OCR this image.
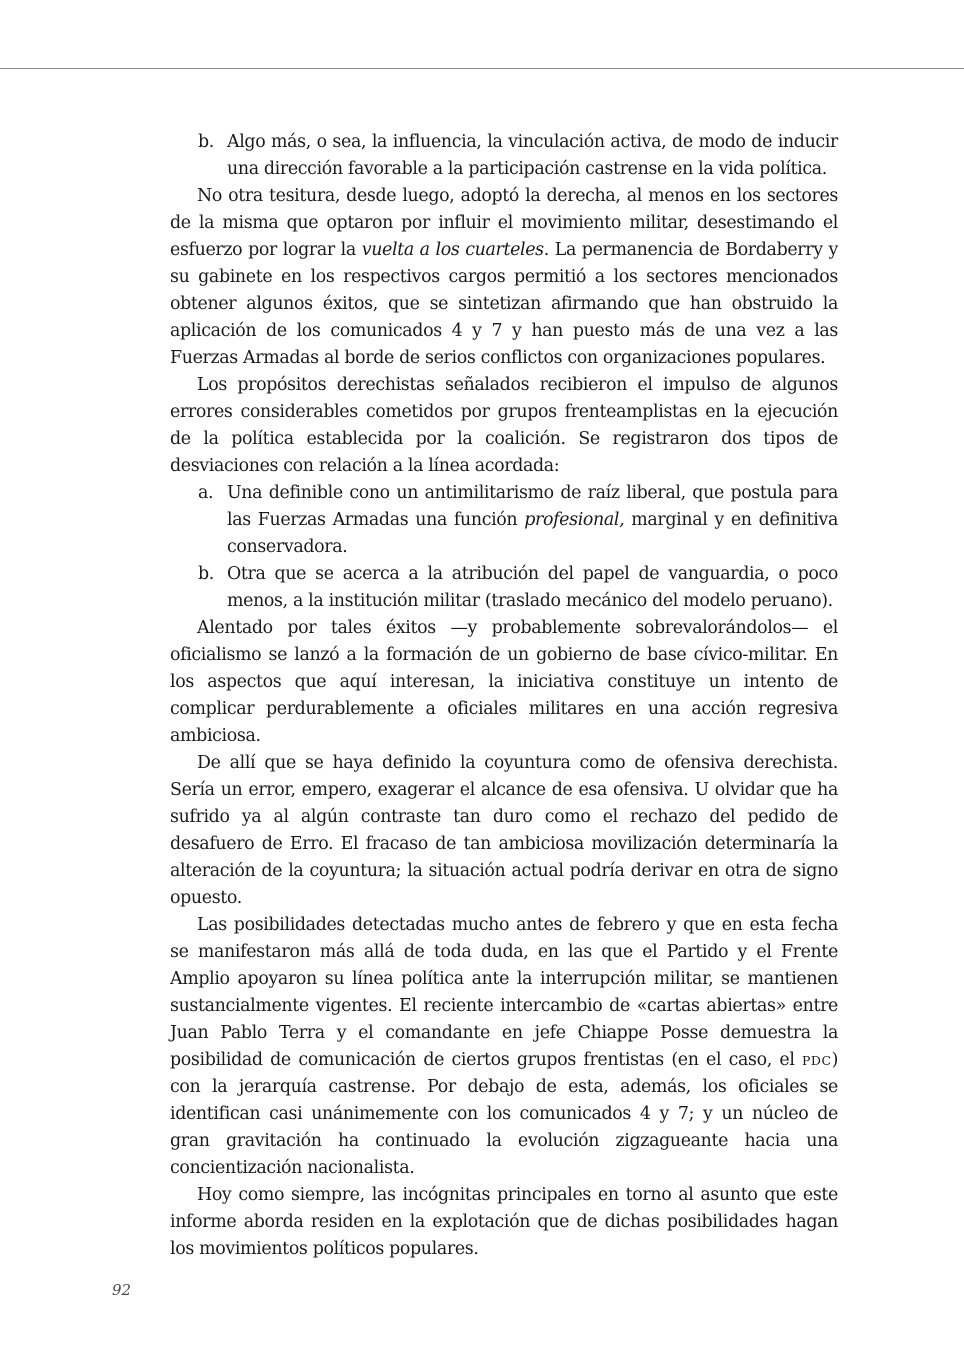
b. Algo más, o sea, la influencia, la vinculación activa, de modo de inducir una dirección favorable a la participación castrense en la vida política.

No otra tesitura, desde luego, adoptó la derecha, al menos en los sectores de la misma que optaron por influir el movimiento militar, desestimando el esfuerzo por lograr la vuelta a los cuarteles. La permanencia de Bordaberry y su gabinete en los respectivos cargos permitió a los sectores mencionados obtener algunos éxitos, que se sintetizan afirmando que han obstruido la aplicación de los comunicados 4 y 7 y han puesto más de una vez a las Fuerzas Armadas al borde de serios conflictos con organizaciones populares.

Los propósitos derechistas señalados recibieron el impulso de algunos errores considerables cometidos por grupos frenteamplistas en la ejecución de la política establecida por la coalición. Se registraron dos tipos de desviaciones con relación a la línea acordada:

a. Una definible cono un antimilitarismo de raíz liberal, que postula para las Fuerzas Armadas una función profesional, marginal y en definitiva conservadora.
b. Otra que se acerca a la atribución del papel de vanguardia, o poco menos, a la institución militar (traslado mecánico del modelo peruano).

Alentado por tales éxitos —y probablemente sobrevalorándolos— el oficialismo se lanzó a la formación de un gobierno de base cívico-militar. En los aspectos que aquí interesan, la iniciativa constituye un intento de complicar perdurablemente a oficiales militares en una acción regresiva ambiciosa.

De allí que se haya definido la coyuntura como de ofensiva derechista. Sería un error, empero, exagerar el alcance de esa ofensiva. U olvidar que ha sufrido ya al algún contraste tan duro como el rechazo del pedido de desafuero de Erro. El fracaso de tan ambiciosa movilización determinaría la alteración de la coyuntura; la situación actual podría derivar en otra de signo opuesto.

Las posibilidades detectadas mucho antes de febrero y que en esta fecha se manifestaron más allá de toda duda, en las que el Partido y el Frente Amplio apoyaron su línea política ante la interrupción militar, se mantienen sustancialmente vigentes. El reciente intercambio de «cartas abiertas» entre Juan Pablo Terra y el comandante en jefe Chiappe Posse demuestra la posibilidad de comunicación de ciertos grupos frentistas (en el caso, el PDC) con la jerarquía castrense. Por debajo de esta, además, los oficiales se identifican casi unánimemente con los comunicados 4 y 7; y un núcleo de gran gravitación ha continuado la evolución zigzagueante hacia una concientización nacionalista.

Hoy como siempre, las incógnitas principales en torno al asunto que este informe aborda residen en la explotación que de dichas posibilidades hagan los movimientos políticos populares.

92
